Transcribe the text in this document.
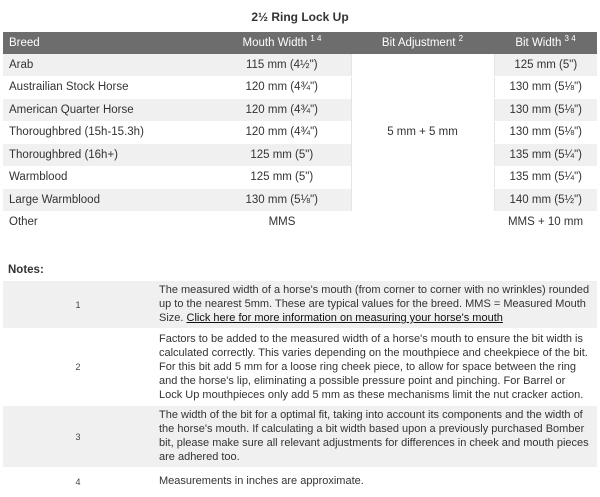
2½ Ring Lock Up
Breed	Mouth Width $^{1 4}$	Bit Adjustment $^2$	Bit Width $^{3 4}$
Arab	115 mm (4½")	5 mm + 5 mm	125 mm (5")
Austrailian Stock Horse	120 mm (4¾")		130 mm (5⅛")
American Quarter Horse	120 mm (4¾")		130 mm (5⅛")
Thoroughbred (15h-15.3h)	120 mm (4¾")		130 mm (5⅛")
Thoroughbred (16h+)	125 mm (5")		135 mm (5¼")
Warmblood	125 mm (5")		135 mm (5¼")
Large Warmblood	130 mm (5⅛")		140 mm (5½")
Other	MMS		MMS + 10 mm
Notes:
1	The measured width of a horse's mouth (from corner to corner with no wrinkles) rounded up to the nearest 5mm. These are typical values for the breed. MMS = Measured Mouth Size. Click here for more information on measuring your horse's mouth
2	Factors to be added to the measured width of a horse's mouth to ensure the bit width is calculated correctly. This varies depending on the mouthpiece and cheekpiece of the bit. For this bit add 5 mm for a loose ring cheek piece, to allow for space between the ring and the horse's lip, eliminating a possible pressure point and pinching. For Barrel or Lock Up mouthpieces only add 5 mm as these mechanisms limit the nut cracker action.
3	The width of the bit for a optimal fit, taking into account its components and the width of the horse's mouth. If calculating a bit width based upon a previously purchased Bomber bit, please make sure all relevant adjustments for differences in cheek and mouth pieces are adhered too.
4	Measurements in inches are approximate.
